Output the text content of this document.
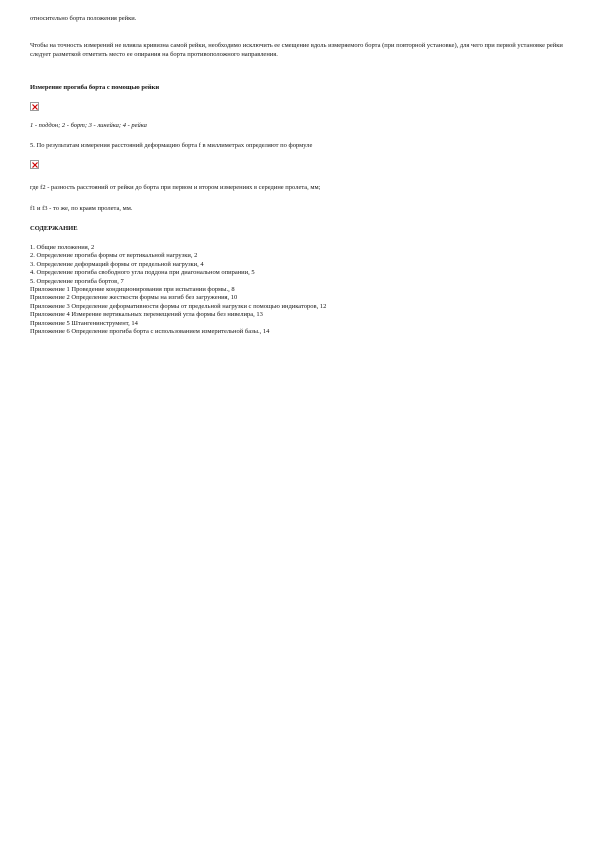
относительно борта положения рейки.
Чтобы на точность измерений не влияла кривизна самой рейки, необходимо исключить ее смещение вдоль измеряемого борта (при повторной установке), для чего при первой установке рейки следует разметкой отметить место ее опирания на борта противоположного направления.
Измерение прогиба борта с помощью рейки
1 - поддон; 2 - борт; 3 - линейка; 4 - рейка
5. По результатам измерения расстояний деформацию борта f в миллиметрах определяют по формуле
где f2 - разность расстояний от рейки до борта при первом и втором измерениях в середине пролета, мм;
f1 и f3 - то же, по краям пролета, мм.
СОДЕРЖАНИЕ
1. Общие положения, 2
2. Определение прогиба формы от вертикальной нагрузки, 2
3. Определение деформаций формы от предельной нагрузки, 4
4. Определение прогиба свободного угла поддона при диагональном опирании, 5
5. Определение прогиба бортов, 7
Приложение 1 Проведение кондиционирования при испытании формы., 8
Приложение 2 Определение жесткости формы на изгиб без загружения, 10
Приложение 3 Определение деформативности формы от предельной нагрузки с помощью индикаторов, 12
Приложение 4 Измерение вертикальных перемещений угла формы без нивелира, 13
Приложение 5 Штангенинструмент, 14
Приложение 6 Определение прогиба борта с использованием измерительной базы., 14
